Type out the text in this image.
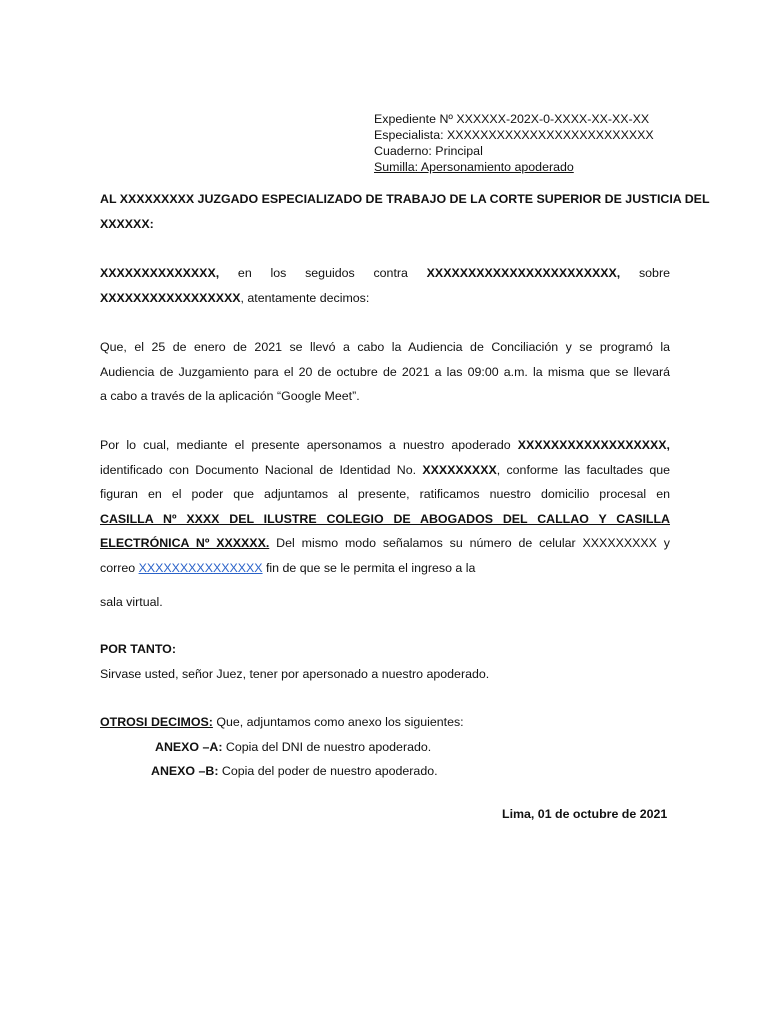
Expediente Nº XXXXXX-202X-0-XXXX-XX-XX-XX
Especialista: XXXXXXXXXXXXXXXXXXXXXXXXX
Cuaderno: Principal
Sumilla: Apersonamiento apoderado
AL XXXXXXXXX JUZGADO ESPECIALIZADO DE TRABAJO DE LA CORTE SUPERIOR DE JUSTICIA DEL
XXXXXX:
XXXXXXXXXXXXXX, en los seguidos contra XXXXXXXXXXXXXXXXXXXXXXX, sobre
XXXXXXXXXXXXXXXXX, atentamente decimos:
Que, el 25 de enero de 2021 se llevó a cabo la Audiencia de Conciliación y se programó la
Audiencia de Juzgamiento para el 20 de octubre de 2021 a las 09:00 a.m. la misma que se llevará
a cabo a través de la aplicación “Google Meet”.
Por lo cual, mediante el presente apersonamos a nuestro apoderado XXXXXXXXXXXXXXXXXX,
identificado con Documento Nacional de Identidad No. XXXXXXXXX, conforme las facultades que
figuran en el poder que adjuntamos al presente, ratificamos nuestro domicilio procesal en
CASILLA Nº XXXX DEL ILUSTRE COLEGIO DE ABOGADOS DEL CALLAO Y CASILLA
ELECTRÓNICA Nº XXXXXX. Del mismo modo señalamos su número de celular XXXXXXXXX y
correo XXXXXXXXXXXXXXX fin de que se le permita el ingreso a la
sala virtual.
POR TANTO:
Sirvase usted, señor Juez, tener por apersonado a nuestro apoderado.
OTROSI DECIMOS: Que, adjuntamos como anexo los siguientes:
ANEXO –A: Copia del DNI de nuestro apoderado.
ANEXO –B: Copia del poder de nuestro apoderado.
Lima, 01 de octubre de 2021
